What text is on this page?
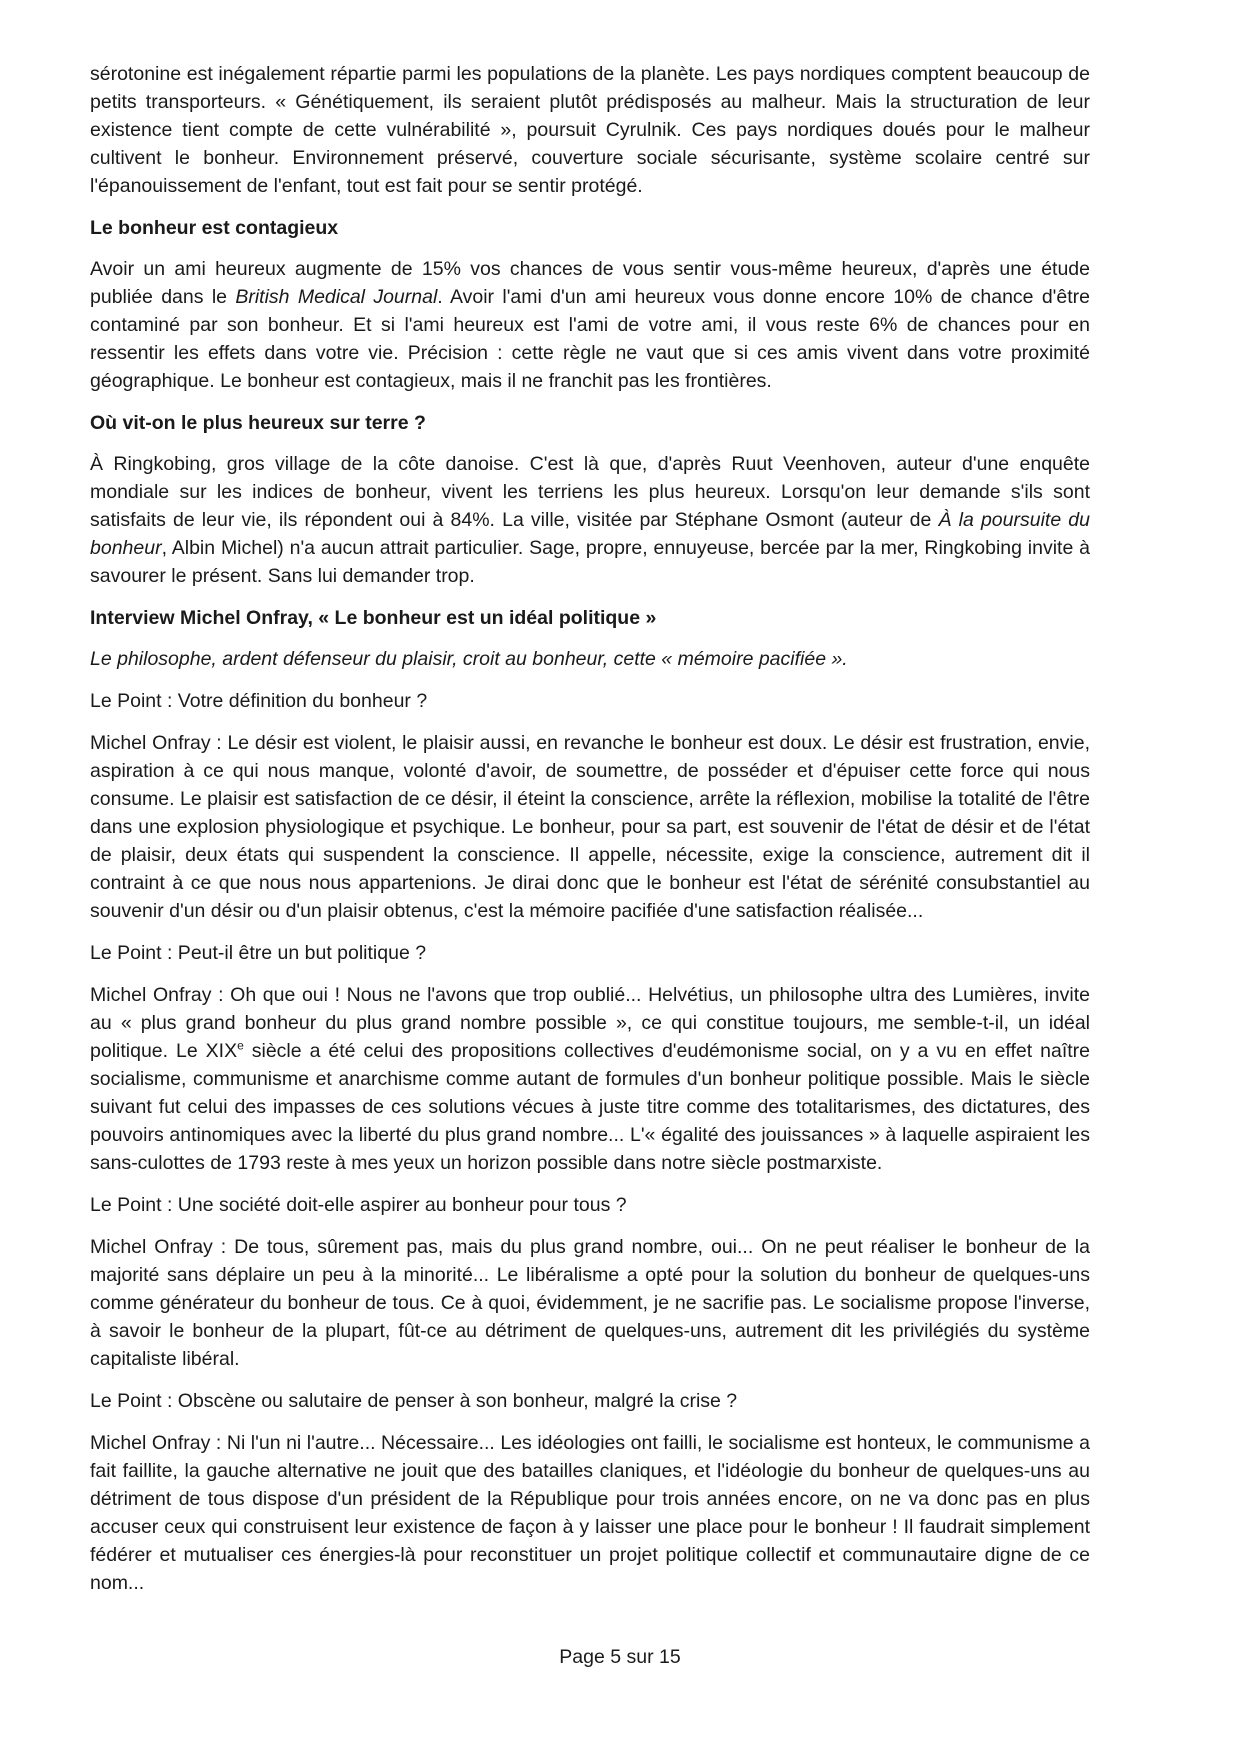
sérotonine est inégalement répartie parmi les populations de la planète. Les pays nordiques comptent beaucoup de petits transporteurs. « Génétiquement, ils seraient plutôt prédisposés au malheur. Mais la structuration de leur existence tient compte de cette vulnérabilité », poursuit Cyrulnik. Ces pays nordiques doués pour le malheur cultivent le bonheur. Environnement préservé, couverture sociale sécurisante, système scolaire centré sur l'épanouissement de l'enfant, tout est fait pour se sentir protégé.

Le bonheur est contagieux

Avoir un ami heureux augmente de 15% vos chances de vous sentir vous-même heureux, d'après une étude publiée dans le British Medical Journal. Avoir l'ami d'un ami heureux vous donne encore 10% de chance d'être contaminé par son bonheur. Et si l'ami heureux est l'ami de votre ami, il vous reste 6% de chances pour en ressentir les effets dans votre vie. Précision : cette règle ne vaut que si ces amis vivent dans votre proximité géographique. Le bonheur est contagieux, mais il ne franchit pas les frontières.

Où vit-on le plus heureux sur terre ?

À Ringkobing, gros village de la côte danoise. C'est là que, d'après Ruut Veenhoven, auteur d'une enquête mondiale sur les indices de bonheur, vivent les terriens les plus heureux. Lorsqu'on leur demande s'ils sont satisfaits de leur vie, ils répondent oui à 84%. La ville, visitée par Stéphane Osmont (auteur de À la poursuite du bonheur, Albin Michel) n'a aucun attrait particulier. Sage, propre, ennuyeuse, bercée par la mer, Ringkobing invite à savourer le présent. Sans lui demander trop.

Interview Michel Onfray, « Le bonheur est un idéal politique »

Le philosophe, ardent défenseur du plaisir, croit au bonheur, cette « mémoire pacifiée ».

Le Point : Votre définition du bonheur ?

Michel Onfray : Le désir est violent, le plaisir aussi, en revanche le bonheur est doux. Le désir est frustration, envie, aspiration à ce qui nous manque, volonté d'avoir, de soumettre, de posséder et d'épuiser cette force qui nous consume. Le plaisir est satisfaction de ce désir, il éteint la conscience, arrête la réflexion, mobilise la totalité de l'être dans une explosion physiologique et psychique. Le bonheur, pour sa part, est souvenir de l'état de désir et de l'état de plaisir, deux états qui suspendent la conscience. Il appelle, nécessite, exige la conscience, autrement dit il contraint à ce que nous nous appartenions. Je dirai donc que le bonheur est l'état de sérénité consubstantiel au souvenir d'un désir ou d'un plaisir obtenus, c'est la mémoire pacifiée d'une satisfaction réalisée...

Le Point : Peut-il être un but politique ?

Michel Onfray : Oh que oui ! Nous ne l'avons que trop oublié... Helvétius, un philosophe ultra des Lumières, invite au « plus grand bonheur du plus grand nombre possible », ce qui constitue toujours, me semble-t-il, un idéal politique. Le XIXe siècle a été celui des propositions collectives d'eudémonisme social, on y a vu en effet naître socialisme, communisme et anarchisme comme autant de formules d'un bonheur politique possible. Mais le siècle suivant fut celui des impasses de ces solutions vécues à juste titre comme des totalitarismes, des dictatures, des pouvoirs antinomiques avec la liberté du plus grand nombre... L'« égalité des jouissances » à laquelle aspiraient les sans-culottes de 1793 reste à mes yeux un horizon possible dans notre siècle postmarxiste.

Le Point : Une société doit-elle aspirer au bonheur pour tous ?

Michel Onfray : De tous, sûrement pas, mais du plus grand nombre, oui... On ne peut réaliser le bonheur de la majorité sans déplaire un peu à la minorité... Le libéralisme a opté pour la solution du bonheur de quelques-uns comme générateur du bonheur de tous. Ce à quoi, évidemment, je ne sacrifie pas. Le socialisme propose l'inverse, à savoir le bonheur de la plupart, fût-ce au détriment de quelques-uns, autrement dit les privilégiés du système capitaliste libéral.

Le Point : Obscène ou salutaire de penser à son bonheur, malgré la crise ?

Michel Onfray : Ni l'un ni l'autre... Nécessaire... Les idéologies ont failli, le socialisme est honteux, le communisme a fait faillite, la gauche alternative ne jouit que des batailles claniques, et l'idéologie du bonheur de quelques-uns au détriment de tous dispose d'un président de la République pour trois années encore, on ne va donc pas en plus accuser ceux qui construisent leur existence de façon à y laisser une place pour le bonheur ! Il faudrait simplement fédérer et mutualiser ces énergies-là pour reconstituer un projet politique collectif et communautaire digne de ce nom...

Page 5 sur 15
